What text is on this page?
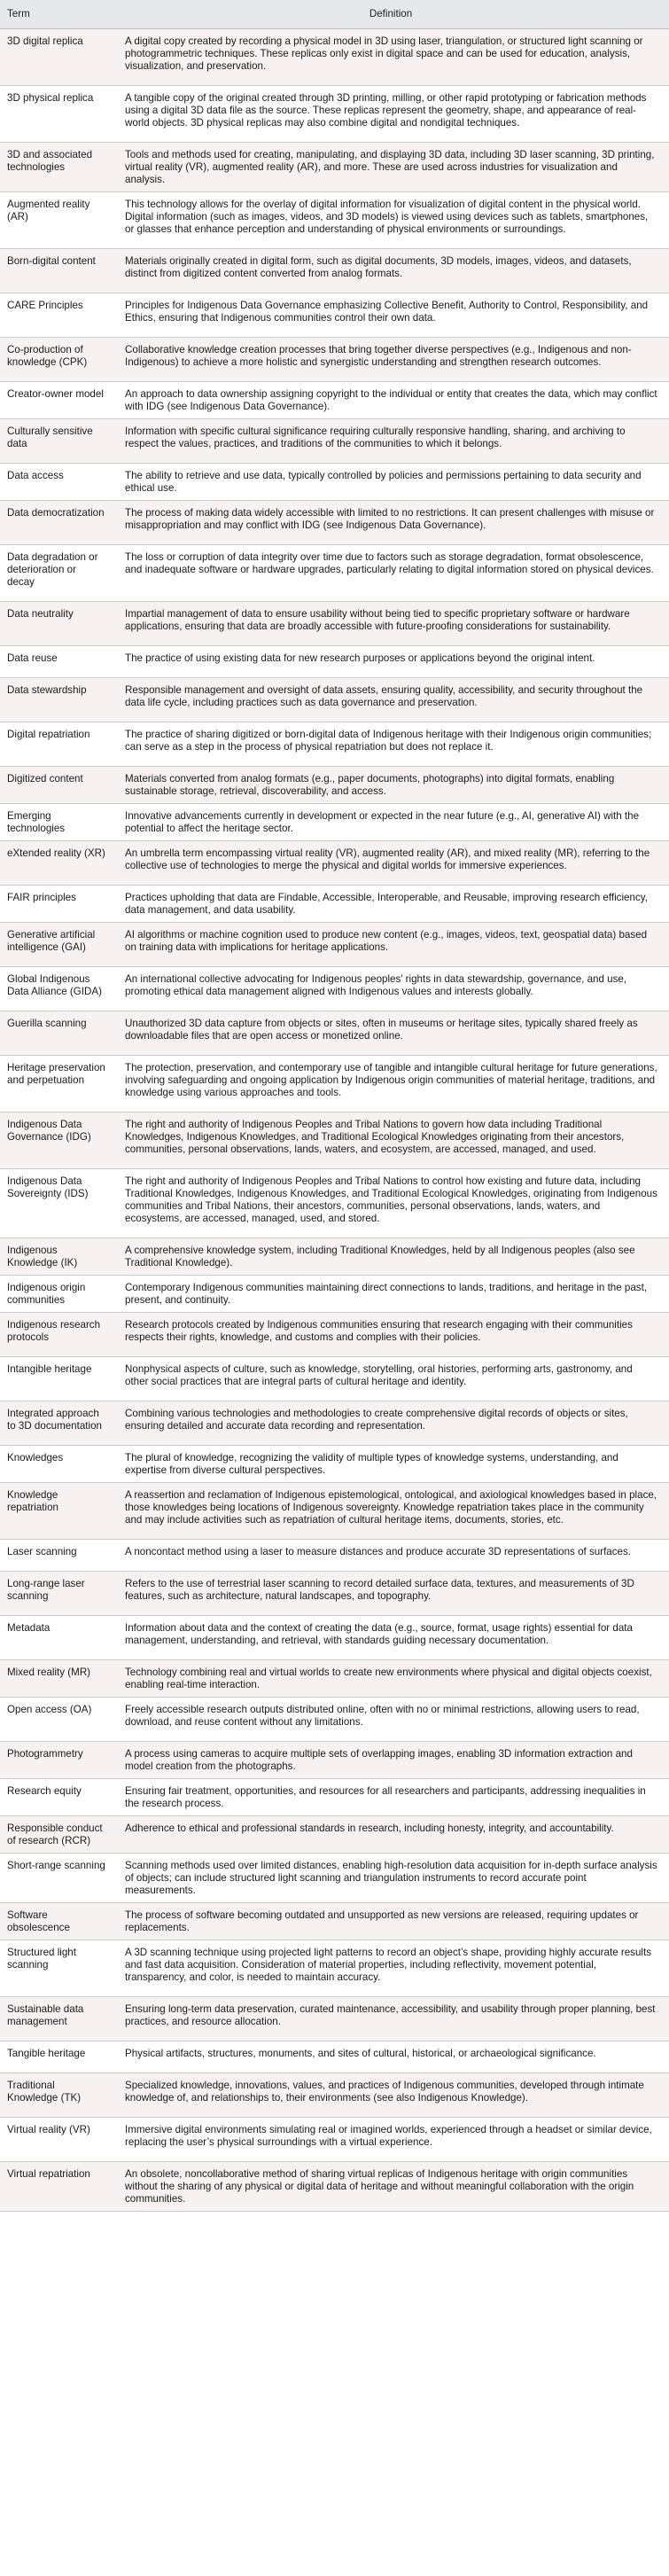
Term	Definition
3D digital replica	A digital copy created by recording a physical model in 3D using laser, triangulation, or structured light scanning or photogrammetric techniques. These replicas only exist in digital space and can be used for education, analysis, visualization, and preservation.
3D physical replica	A tangible copy of the original created through 3D printing, milling, or other rapid prototyping or fabrication methods using a digital 3D data file as the source. These replicas represent the geometry, shape, and appearance of real-world objects. 3D physical replicas may also combine digital and nondigital techniques.
3D and associated technologies	Tools and methods used for creating, manipulating, and displaying 3D data, including 3D laser scanning, 3D printing, virtual reality (VR), augmented reality (AR), and more. These are used across industries for visualization and analysis.
Augmented reality (AR)	This technology allows for the overlay of digital information for visualization of digital content in the physical world. Digital information (such as images, videos, and 3D models) is viewed using devices such as tablets, smartphones, or glasses that enhance perception and understanding of physical environments or surroundings.
Born-digital content	Materials originally created in digital form, such as digital documents, 3D models, images, videos, and datasets, distinct from digitized content converted from analog formats.
CARE Principles	Principles for Indigenous Data Governance emphasizing Collective Benefit, Authority to Control, Responsibility, and Ethics, ensuring that Indigenous communities control their own data.
Co-production of knowledge (CPK)	Collaborative knowledge creation processes that bring together diverse perspectives (e.g., Indigenous and non-Indigenous) to achieve a more holistic and synergistic understanding and strengthen research outcomes.
Creator-owner model	An approach to data ownership assigning copyright to the individual or entity that creates the data, which may conflict with IDG (see Indigenous Data Governance).
Culturally sensitive data	Information with specific cultural significance requiring culturally responsive handling, sharing, and archiving to respect the values, practices, and traditions of the communities to which it belongs.
Data access	The ability to retrieve and use data, typically controlled by policies and permissions pertaining to data security and ethical use.
Data democratization	The process of making data widely accessible with limited to no restrictions. It can present challenges with misuse or misappropriation and may conflict with IDG (see Indigenous Data Governance).
Data degradation or deterioration or decay	The loss or corruption of data integrity over time due to factors such as storage degradation, format obsolescence, and inadequate software or hardware upgrades, particularly relating to digital information stored on physical devices.
Data neutrality	Impartial management of data to ensure usability without being tied to specific proprietary software or hardware applications, ensuring that data are broadly accessible with future-proofing considerations for sustainability.
Data reuse	The practice of using existing data for new research purposes or applications beyond the original intent.
Data stewardship	Responsible management and oversight of data assets, ensuring quality, accessibility, and security throughout the data life cycle, including practices such as data governance and preservation.
Digital repatriation	The practice of sharing digitized or born-digital data of Indigenous heritage with their Indigenous origin communities; can serve as a step in the process of physical repatriation but does not replace it.
Digitized content	Materials converted from analog formats (e.g., paper documents, photographs) into digital formats, enabling sustainable storage, retrieval, discoverability, and access.
Emerging technologies	Innovative advancements currently in development or expected in the near future (e.g., AI, generative AI) with the potential to affect the heritage sector.
eXtended reality (XR)	An umbrella term encompassing virtual reality (VR), augmented reality (AR), and mixed reality (MR), referring to the collective use of technologies to merge the physical and digital worlds for immersive experiences.
FAIR principles	Practices upholding that data are Findable, Accessible, Interoperable, and Reusable, improving research efficiency, data management, and data usability.
Generative artificial intelligence (GAI)	AI algorithms or machine cognition used to produce new content (e.g., images, videos, text, geospatial data) based on training data with implications for heritage applications.
Global Indigenous Data Alliance (GIDA)	An international collective advocating for Indigenous peoples’ rights in data stewardship, governance, and use, promoting ethical data management aligned with Indigenous values and interests globally.
Guerilla scanning	Unauthorized 3D data capture from objects or sites, often in museums or heritage sites, typically shared freely as downloadable files that are open access or monetized online.
Heritage preservation and perpetuation	The protection, preservation, and contemporary use of tangible and intangible cultural heritage for future generations, involving safeguarding and ongoing application by Indigenous origin communities of material heritage, traditions, and knowledge using various approaches and tools.
Indigenous Data Governance (IDG)	The right and authority of Indigenous Peoples and Tribal Nations to govern how data including Traditional Knowledges, Indigenous Knowledges, and Traditional Ecological Knowledges originating from their ancestors, communities, personal observations, lands, waters, and ecosystem, are accessed, managed, and used.
Indigenous Data Sovereignty (IDS)	The right and authority of Indigenous Peoples and Tribal Nations to control how existing and future data, including Traditional Knowledges, Indigenous Knowledges, and Traditional Ecological Knowledges, originating from Indigenous communities and Tribal Nations, their ancestors, communities, personal observations, lands, waters, and ecosystems, are accessed, managed, used, and stored.
Indigenous Knowledge (IK)	A comprehensive knowledge system, including Traditional Knowledges, held by all Indigenous peoples (also see Traditional Knowledge).
Indigenous origin communities	Contemporary Indigenous communities maintaining direct connections to lands, traditions, and heritage in the past, present, and continuity.
Indigenous research protocols	Research protocols created by Indigenous communities ensuring that research engaging with their communities respects their rights, knowledge, and customs and complies with their policies.
Intangible heritage	Nonphysical aspects of culture, such as knowledge, storytelling, oral histories, performing arts, gastronomy, and other social practices that are integral parts of cultural heritage and identity.
Integrated approach to 3D documentation	Combining various technologies and methodologies to create comprehensive digital records of objects or sites, ensuring detailed and accurate data recording and representation.
Knowledges	The plural of knowledge, recognizing the validity of multiple types of knowledge systems, understanding, and expertise from diverse cultural perspectives.
Knowledge repatriation	A reassertion and reclamation of Indigenous epistemological, ontological, and axiological knowledges based in place, those knowledges being locations of Indigenous sovereignty. Knowledge repatriation takes place in the community and may include activities such as repatriation of cultural heritage items, documents, stories, etc.
Laser scanning	A noncontact method using a laser to measure distances and produce accurate 3D representations of surfaces.
Long-range laser scanning	Refers to the use of terrestrial laser scanning to record detailed surface data, textures, and measurements of 3D features, such as architecture, natural landscapes, and topography.
Metadata	Information about data and the context of creating the data (e.g., source, format, usage rights) essential for data management, understanding, and retrieval, with standards guiding necessary documentation.
Mixed reality (MR)	Technology combining real and virtual worlds to create new environments where physical and digital objects coexist, enabling real-time interaction.
Open access (OA)	Freely accessible research outputs distributed online, often with no or minimal restrictions, allowing users to read, download, and reuse content without any limitations.
Photogrammetry	A process using cameras to acquire multiple sets of overlapping images, enabling 3D information extraction and model creation from the photographs.
Research equity	Ensuring fair treatment, opportunities, and resources for all researchers and participants, addressing inequalities in the research process.
Responsible conduct of research (RCR)	Adherence to ethical and professional standards in research, including honesty, integrity, and accountability.
Short-range scanning	Scanning methods used over limited distances, enabling high-resolution data acquisition for in-depth surface analysis of objects; can include structured light scanning and triangulation instruments to record accurate point measurements.
Software obsolescence	The process of software becoming outdated and unsupported as new versions are released, requiring updates or replacements.
Structured light scanning	A 3D scanning technique using projected light patterns to record an object’s shape, providing highly accurate results and fast data acquisition. Consideration of material properties, including reflectivity, movement potential, transparency, and color, is needed to maintain accuracy.
Sustainable data management	Ensuring long-term data preservation, curated maintenance, accessibility, and usability through proper planning, best practices, and resource allocation.
Tangible heritage	Physical artifacts, structures, monuments, and sites of cultural, historical, or archaeological significance.
Traditional Knowledge (TK)	Specialized knowledge, innovations, values, and practices of Indigenous communities, developed through intimate knowledge of, and relationships to, their environments (see also Indigenous Knowledge).
Virtual reality (VR)	Immersive digital environments simulating real or imagined worlds, experienced through a headset or similar device, replacing the user’s physical surroundings with a virtual experience.
Virtual repatriation	An obsolete, noncollaborative method of sharing virtual replicas of Indigenous heritage with origin communities without the sharing of any physical or digital data of heritage and without meaningful collaboration with the origin communities.
